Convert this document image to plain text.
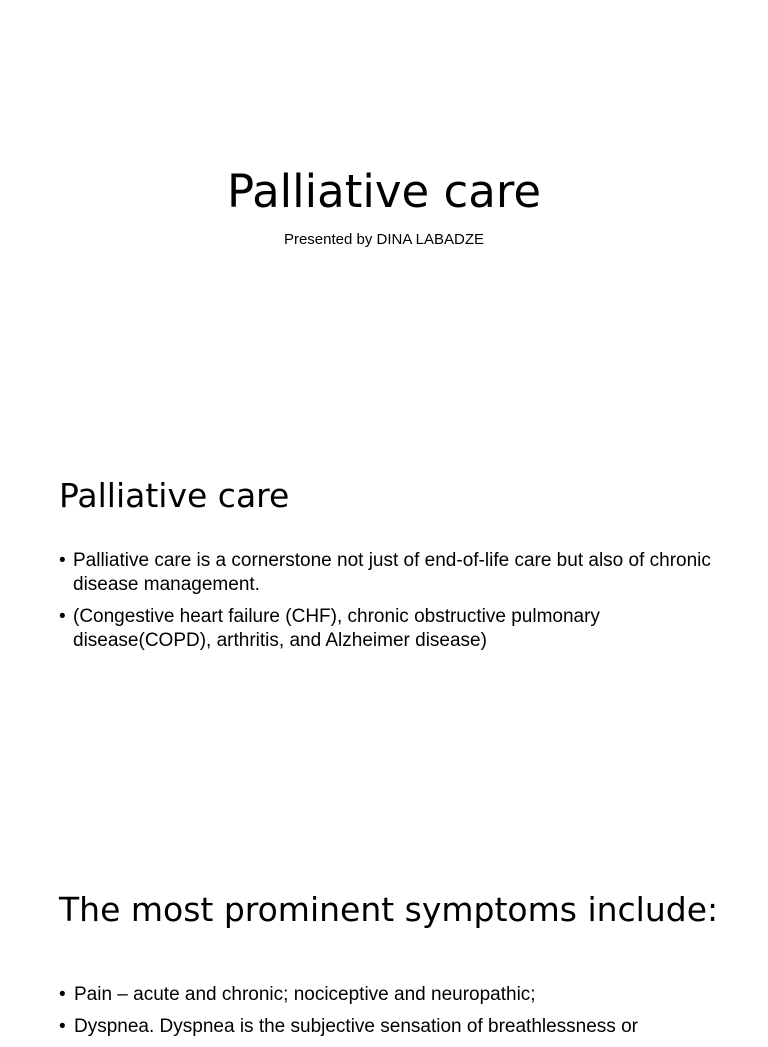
Palliative care

Presented by DINA LABADZE

Palliative care
• Palliative care is a cornerstone not just of end-of-life care but also of chronic disease management.
• (Congestive heart failure (CHF), chronic obstructive pulmonary disease(COPD), arthritis, and Alzheimer disease)
The most prominent symptoms include:
• Pain – acute and chronic; nociceptive and neuropathic;
• Dyspnea. Dyspnea is the subjective sensation of breathlessness or
